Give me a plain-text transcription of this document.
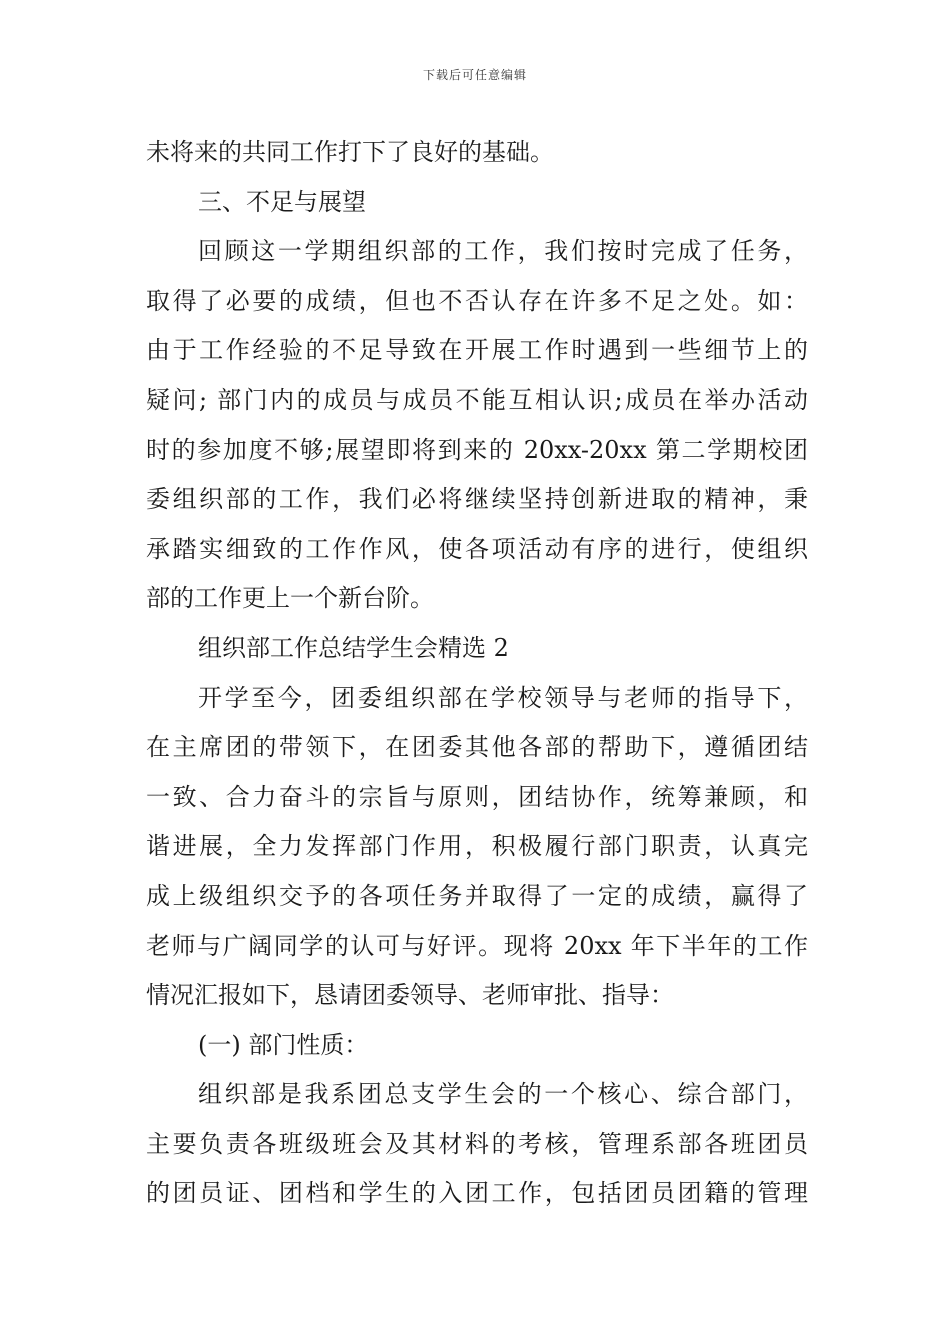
下载后可任意编辑
未将来的共同工作打下了良好的基础。
三、不足与展望
回顾这一学期组织部的工作，我们按时完成了任务，
取得了必要的成绩，但也不否认存在许多不足之处。如：
由于工作经验的不足导致在开展工作时遇到一些细节上的
疑问; 部门内的成员与成员不能互相认识;成员在举办活动
时的参加度不够;展望即将到来的 20xx-20xx 第二学期校团
委组织部的工作，我们必将继续坚持创新进取的精神，秉
承踏实细致的工作作风，使各项活动有序的进行，使组织
部的工作更上一个新台阶。
组织部工作总结学生会精选 2
开学至今，团委组织部在学校领导与老师的指导下，
在主席团的带领下，在团委其他各部的帮助下，遵循团结
一致、合力奋斗的宗旨与原则，团结协作，统筹兼顾，和
谐进展，全力发挥部门作用，积极履行部门职责，认真完
成上级组织交予的各项任务并取得了一定的成绩，赢得了
老师与广阔同学的认可与好评。现将 20xx 年下半年的工作
情况汇报如下，恳请团委领导、老师审批、指导：
(一) 部门性质：
组织部是我系团总支学生会的一个核心、综合部门，
主要负责各班级班会及其材料的考核，管理系部各班团员
的团员证、团档和学生的入团工作，包括团员团籍的管理
